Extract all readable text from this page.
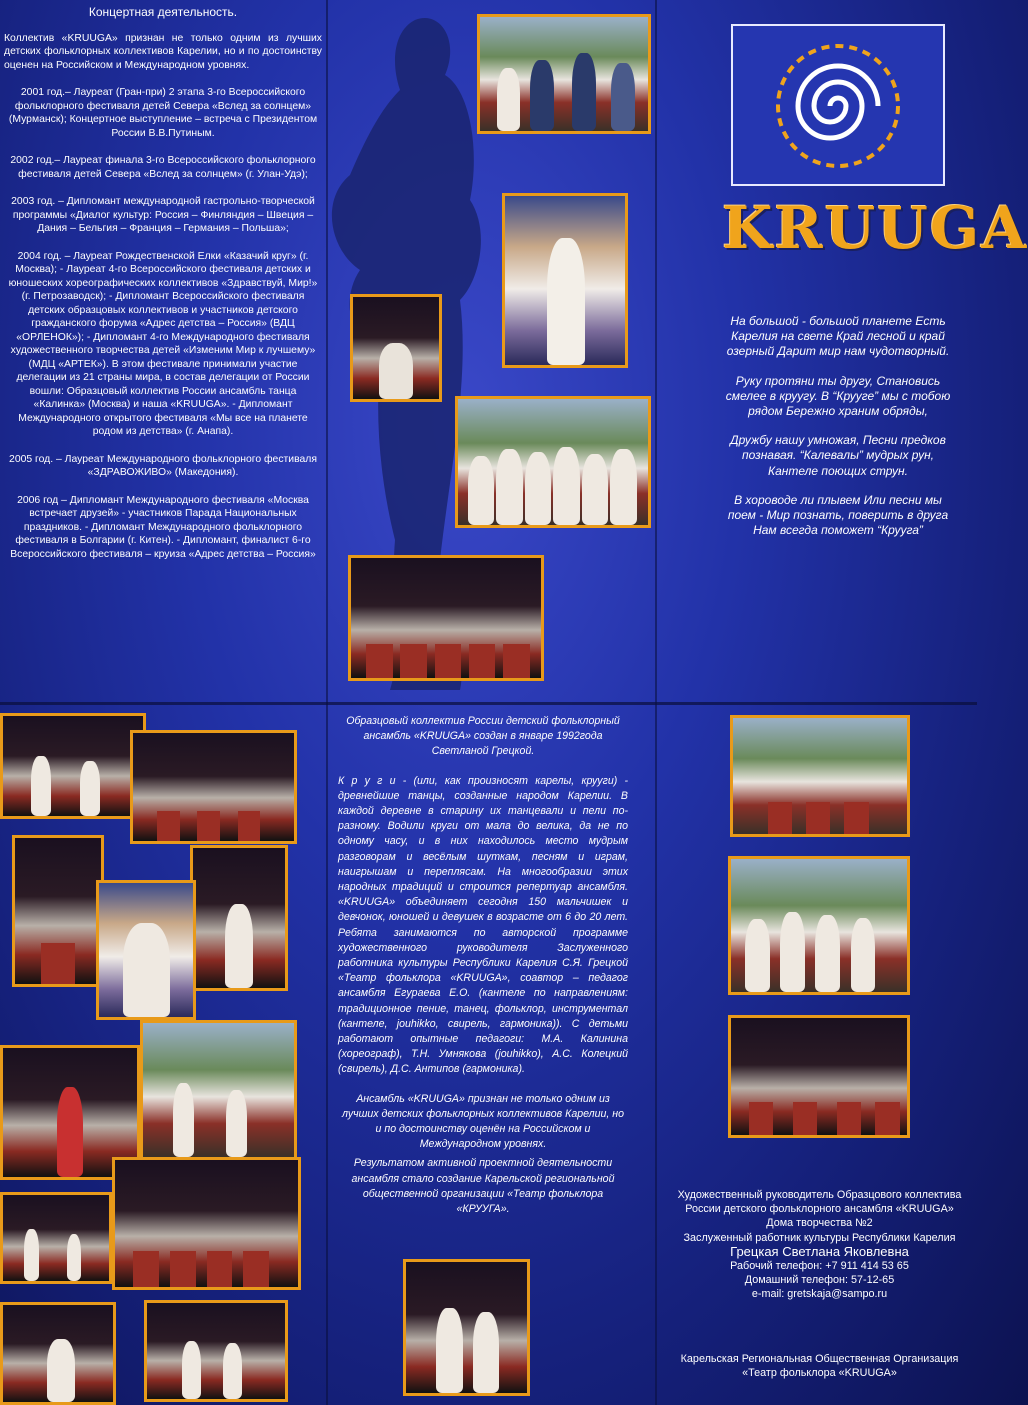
Концертная деятельность.
Коллектив «KRUUGA» признан не только одним из лучших детских фольклорных коллективов Карелии, но и по достоинству оценен на Российском и Международном уровнях.
2001 год.– Лауреат (Гран-при) 2 этапа 3-го Всероссийского фольклорного фестиваля детей Севера «Вслед за солнцем» (Мурманск); Концертное выступление – встреча с Президентом России В.В.Путиным.
2002 год.– Лауреат финала 3-го Всероссийского фольклорного фестиваля детей Севера «Вслед за солнцем» (г. Улан-Удэ);
2003 год. – Дипломант международной гастрольно-творческой программы «Диалог культур: Россия – Финляндия – Швеция – Дания – Бельгия – Франция – Германия – Польша»;
2004 год. – Лауреат Рождественской Елки «Казачий круг» (г. Москва); - Лауреат 4-го Всероссийского фестиваля детских и юношеских хореографических коллективов «Здравствуй, Мир!» (г. Петрозаводск); - Дипломант Всероссийского фестиваля детских образцовых коллективов и участников детского гражданского форума «Адрес детства – Россия» (ВДЦ «ОРЛЕНОК»); - Дипломант 4-го Международного фестиваля художественного творчества детей «Изменим Мир к лучшему» (МДЦ «АРТЕК»). В этом фестивале принимали участие делегации из 21 страны мира, в состав делегации от России вошли: Образцовый коллектив России ансамбль танца «Калинка» (Москва) и наша «KRUUGA». - Дипломант Международного открытого фестиваля «Мы все на планете родом из детства» (г. Анапа).
2005 год. – Лауреат Международного фольклорного фестиваля «ЗДРАВОЖИВО» (Македония).
2006 год – Дипломант Международного фестиваля «Москва встречает друзей» - участников Парада Национальных праздников. - Дипломант Международного фольклорного фестиваля в Болгарии (г. Китен). - Дипломант, финалист 6-го Всероссийского фестиваля – круиза «Адрес детства – Россия»
KRUUGA
На большой - большой планете Есть Карелия на свете Край лесной и край озерный Дарит мир нам чудотворный.
Руку протяни ты другу, Становись смелее в круугу. В “Крууге” мы с тобою рядом Бережно храним обряды,
Дружбу нашу умножая, Песни предков познавая. “Калевалы” мудрых рун, Кантеле поющих струн.
В хороводе ли плывем Или песни мы поем - Мир познать, поверить в друга Нам всегда поможет “Крууга”

Образцовый коллектив России детский фольклорный ансамбль «KRUUGA» создан в январе 1992года Светланой Грецкой.

К р у г и - (или, как произносят карелы, крууги) - древнейшие танцы, созданные народом Карелии. В каждой деревне в старину их танцевали и пели по-разному. Водили круги от мала до велика, да не по одному часу, и в них находилось место мудрым разговорам и весёлым шуткам, песням и играм, наигрышам и переплясам. На многообразии этих народных традиций и строится репертуар ансамбля. «KRUUGA» объединяет сегодня 150 мальчишек и девчонок, юношей и девушек в возрасте от 6 до 20 лет. Ребята занимаются по авторской программе художественного руководителя Заслуженного работника культуры Республики Карелия С.Я. Грецкой «Театр фольклора «KRUUGA», соавтор – педагог ансамбля Егураева Е.О. (кантеле по направлениям: традиционное пение, танец, фольклор, инструментал (кантеле, jouhikko, свирель, гармоника)). С детьми работают опытные педагоги: М.А. Калинина (хореограф), Т.Н. Умнякова (jouhikko), А.С. Колецкий (свирель), Д.С. Антипов (гармоника).

Ансамбль «KRUUGA» признан не только одним из лучших детских фольклорных коллективов Карелии, но и по достоинству оценён на Российском и Международном уровнях.

Результатом активной проектной деятельности ансамбля стало создание Карельской региональной общественной организации «Театр фольклора «КРУУГА».

Художественный руководитель Образцового коллектива
России детского фольклорного ансамбля «KRUUGA»
Дома творчества №2
Заслуженный работник культуры Республики Карелия
Грецкая Светлана Яковлевна
Рабочий телефон: +7 911 414 53 65
Домашний телефон: 57-12-65
e-mail: gretskaja@sampo.ru
Карельская Региональная Общественная Организация
«Театр фольклора «KRUUGA»
